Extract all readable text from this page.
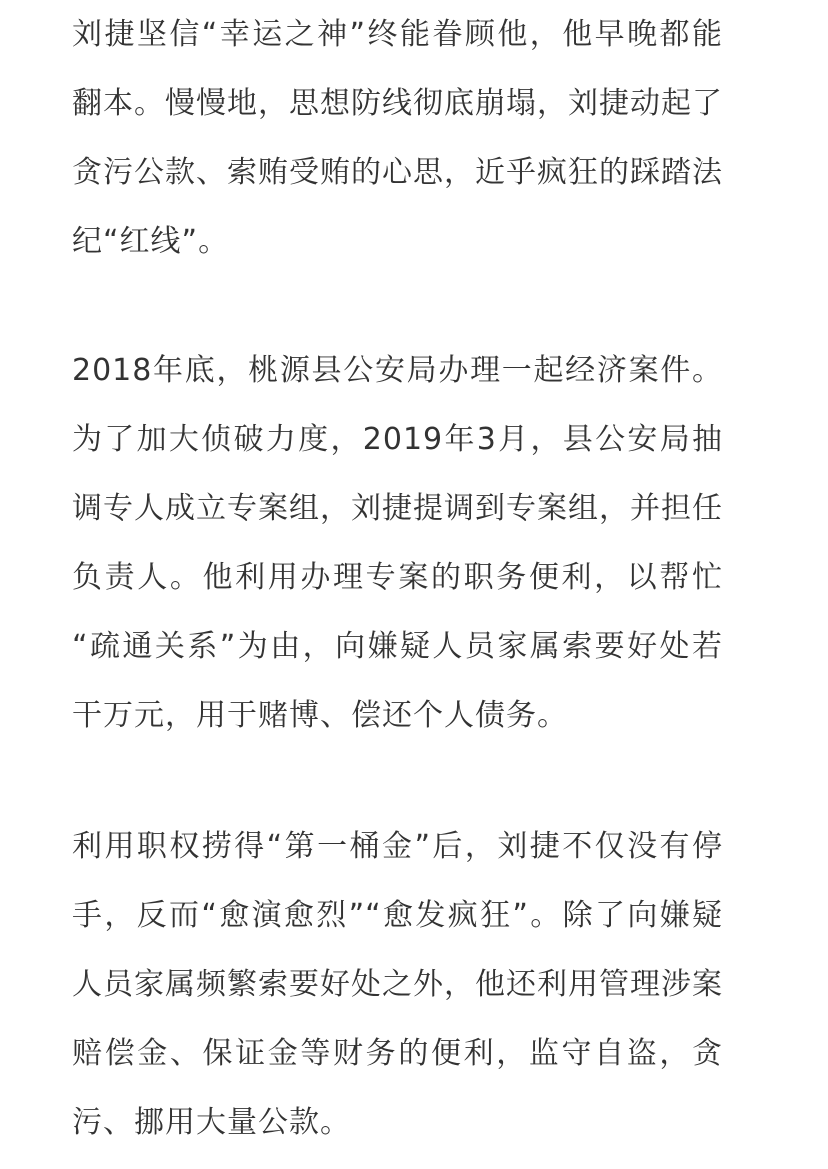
刘捷坚信“幸运之神”终能眷顾他，他早晚都能
翻本。慢慢地，思想防线彻底崩塌，刘捷动起了
贪污公款、索贿受贿的心思，近乎疯狂的踩踏法
纪“红线”。
2018年底，桃源县公安局办理一起经济案件。
为了加大侦破力度，2019年3月，县公安局抽
调专人成立专案组，刘捷提调到专案组，并担任
负责人。他利用办理专案的职务便利，以帮忙
“疏通关系”为由，向嫌疑人员家属索要好处若
干万元，用于赌博、偿还个人债务。
利用职权捞得“第一桶金”后，刘捷不仅没有停
手，反而“愈演愈烈”“愈发疯狂”。除了向嫌疑
人员家属频繁索要好处之外，他还利用管理涉案
赔偿金、保证金等财务的便利，监守自盗，贪
污、挪用大量公款。
